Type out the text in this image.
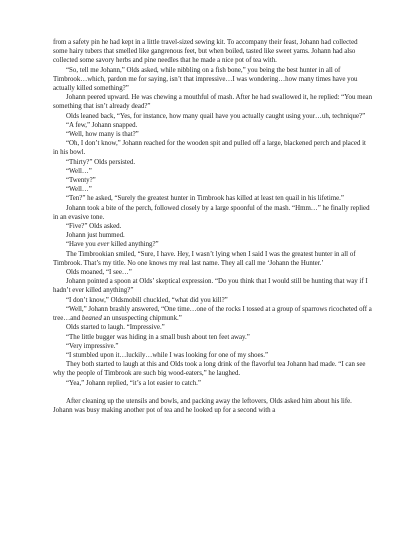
from a safety pin he had kept in a little travel-sized sewing kit. To accompany their feast, Johann had collected some hairy tubers that smelled like gangrenous feet, but when boiled, tasted like sweet yams. Johann had also collected some savory herbs and pine needles that he made a nice pot of tea with.

“So, tell me Johann,” Olds asked, while nibbling on a fish bone,” you being the best hunter in all of Timbrook…which, pardon me for saying, isn’t that impressive…I was wondering…how many times have you actually killed something?”

Johann peered upward. He was chewing a mouthful of mash. After he had swallowed it, he replied: “You mean something that isn’t already dead?”

Olds leaned back, “Yes, for instance, how many quail have you actually caught using your…uh, technique?”

“A few,” Johann snapped.

“Well, how many is that?”

“Oh, I don’t know,” Johann reached for the wooden spit and pulled off a large, blackened perch and placed it in his bowl.

“Thirty?” Olds persisted.

“Well…”

“Twenty?”

“Well…”

“Ten?” he asked, “Surely the greatest hunter in Timbrook has killed at least ten quail in his lifetime.”

Johann took a bite of the perch, followed closely by a large spoonful of the mash. “Hmm…” he finally replied in an evasive tone.

“Five?” Olds asked.

Johann just hummed.

“Have you ever killed anything?”

The Timbrookian smiled, “Sure, I have. Hey, I wasn’t lying when I said I was the greatest hunter in all of Timbrook. That’s my title. No one knows my real last name. They all call me ‘Johann the Hunter.’

Olds moaned, “I see…”

Johann pointed a spoon at Olds’ skeptical expression. “Do you think that I would still be hunting that way if I hadn’t ever killed anything?”

“I don’t know,” Oldsmobill chuckled, “what did you kill?”

“Well,” Johann brashly answered, “One time…one of the rocks I tossed at a group of sparrows ricocheted off a tree…and beaned an unsuspecting chipmunk.”

Olds started to laugh. “Impressive.”

“The little bugger was hiding in a small bush about ten feet away.”

“Very impressive.”

“I stumbled upon it…luckily…while I was looking for one of my shoes.”

They both started to laugh at this and Olds took a long drink of the flavorful tea Johann had made. “I can see why the people of Timbrook are such big wood-eaters,” he laughed.

“Yea,” Johann replied, “it’s a lot easier to catch.”

After cleaning up the utensils and bowls, and packing away the leftovers, Olds asked him about his life. Johann was busy making another pot of tea and he looked up for a second with a
